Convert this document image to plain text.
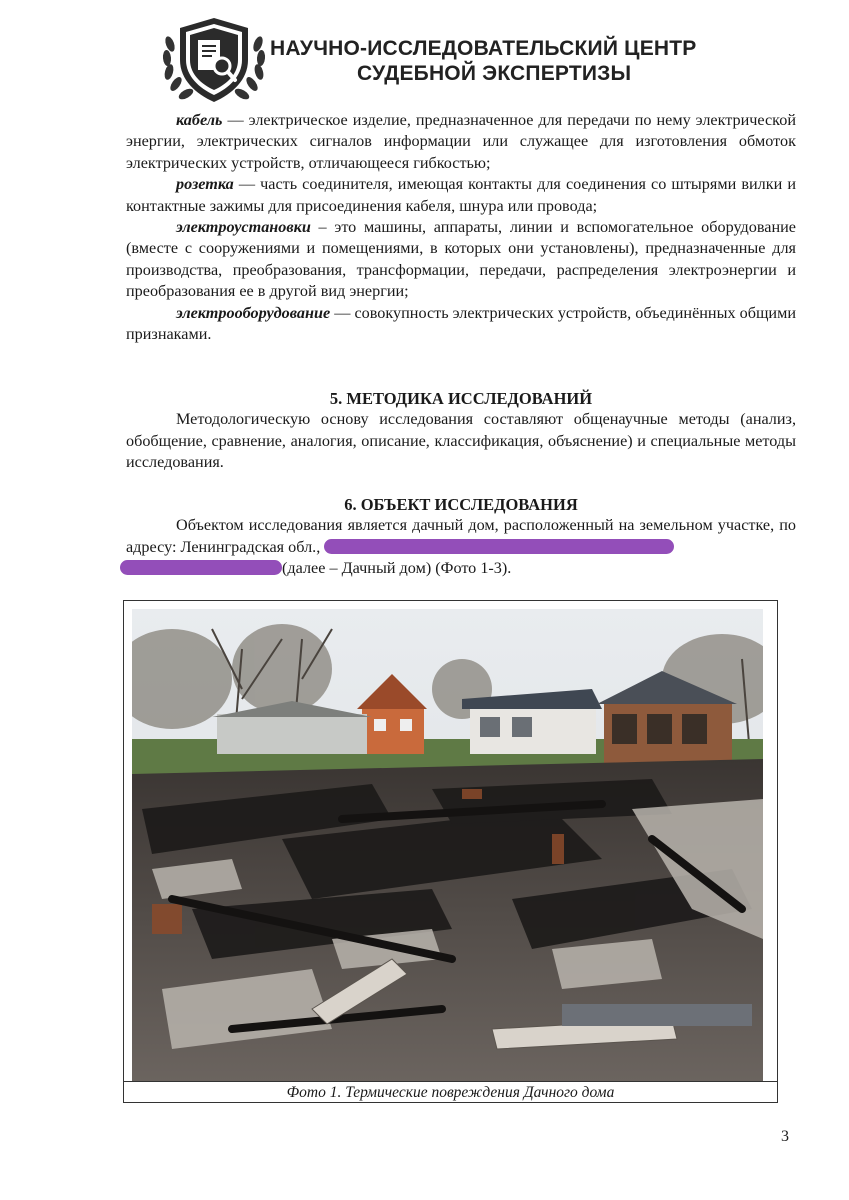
НАУЧНО-ИССЛЕДОВАТЕЛЬСКИЙ ЦЕНТР
СУДЕБНОЙ ЭКСПЕРТИЗЫ

кабель — электрическое изделие, предназначенное для передачи по нему электрической энергии, электрических сигналов информации или служащее для изготовления обмоток электрических устройств, отличающееся гибкостью;

розетка — часть соединителя, имеющая контакты для соединения со штырями вилки и контактные зажимы для присоединения кабеля, шнура или провода;

электроустановки – это машины, аппараты, линии и вспомогательное оборудование (вместе с сооружениями и помещениями, в которых они установлены), предназначенные для производства, преобразования, трансформации, передачи, распределения электроэнергии и преобразования ее в другой вид энергии;

электрооборудование — совокупность электрических устройств, объединённых общими признаками.

5. МЕТОДИКА ИССЛЕДОВАНИЙ

Методологическую основу исследования составляют общенаучные методы (анализ, обобщение, сравнение, аналогия, описание, классификация, объяснение) и специальные методы исследования.

6. ОБЪЕКТ ИССЛЕДОВАНИЯ

Объектом исследования является дачный дом, расположенный на земельном участке, по адресу: Ленинградская обл.,
(далее – Дачный дом) (Фото 1-3).

Фото 1. Термические повреждения Дачного дома
3
